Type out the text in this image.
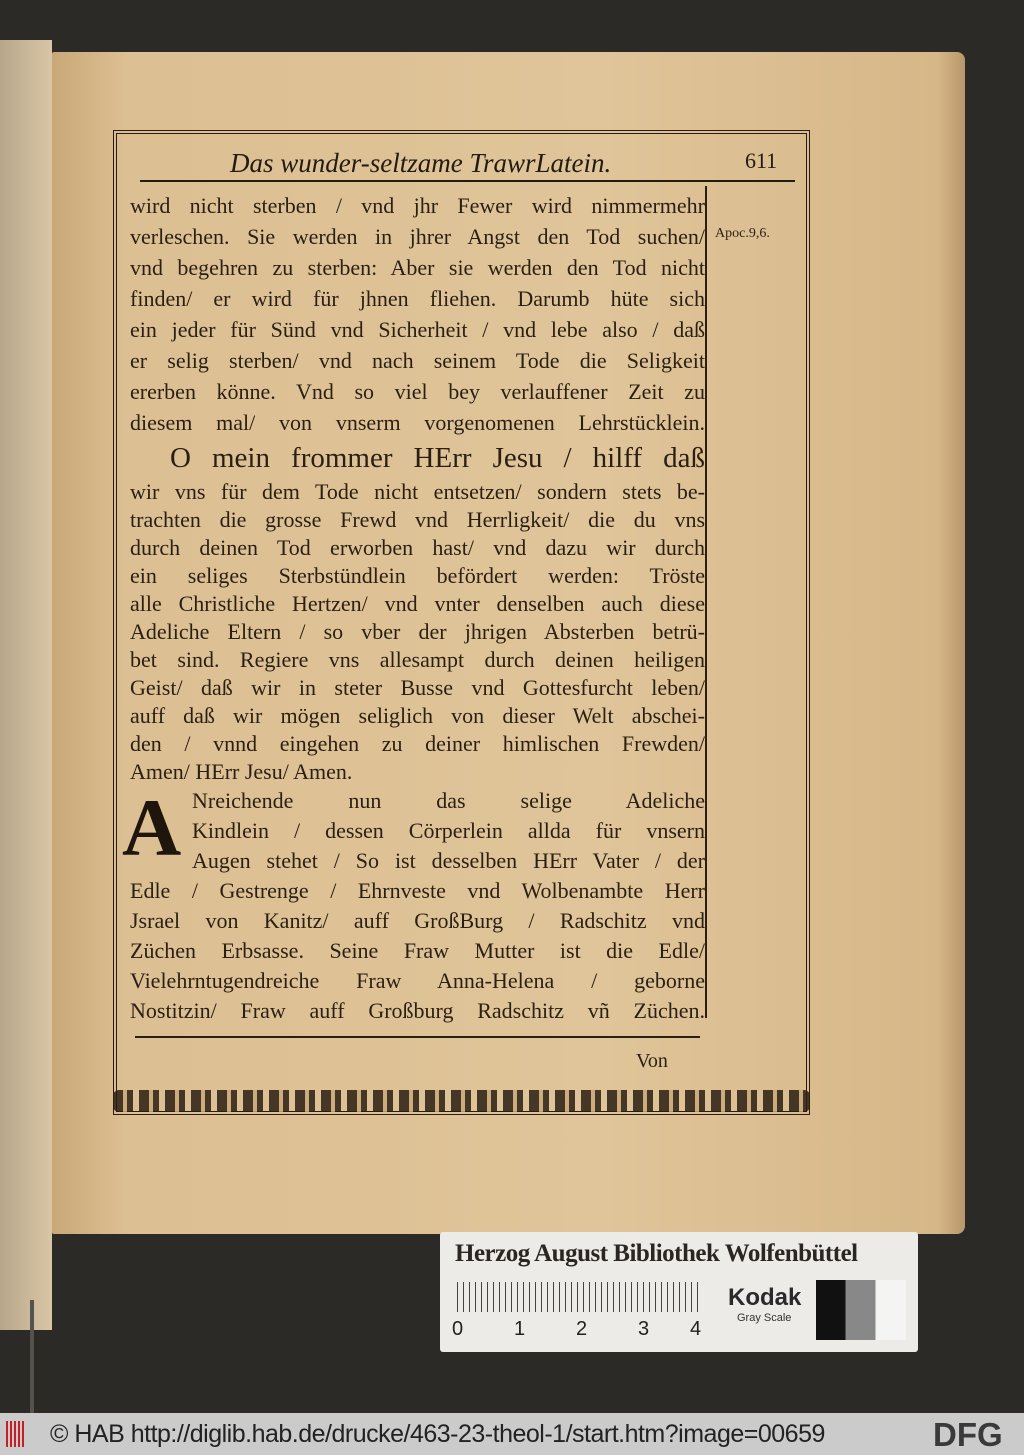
Das wunder-seltzame TrawrLatein.	611
Apoc.9,6.
wird nicht sterben / vnd jhr Fewer wird nimmermehr
verleschen. Sie werden in jhrer Angst den Tod suchen/
vnd begehren zu sterben: Aber sie werden den Tod nicht
finden/ er wird für jhnen fliehen. Darumb hüte sich
ein jeder für Sünd vnd Sicherheit / vnd lebe also / daß
er selig sterben/ vnd nach seinem Tode die Seligkeit
ererben könne. Vnd so viel bey verlauffener Zeit zu
diesem mal/ von vnserm vorgenomenen Lehrstücklein.
O mein frommer HErr Jesu / hilff daß
wir vns für dem Tode nicht entsetzen/ sondern stets be-
trachten die grosse Frewd vnd Herrligkeit/ die du vns
durch deinen Tod erworben hast/ vnd dazu wir durch
ein seliges Sterbstündlein befördert werden: Tröste
alle Christliche Hertzen/ vnd vnter denselben auch diese
Adeliche Eltern / so vber der jhrigen Absterben betrü-
bet sind. Regiere vns allesampt durch deinen heiligen
Geist/ daß wir in steter Busse vnd Gottesfurcht leben/
auff daß wir mögen seliglich von dieser Welt abschei-
den / vnnd eingehen zu deiner himlischen Frewden/
Amen/ HErr Jesu/ Amen.
A Nreichende nun das selige Adeliche
Kindlein / dessen Cörperlein allda für vnsern
Augen stehet / So ist desselben HErr Vater / der
Edle / Gestrenge / Ehrnveste vnd Wolbenambte Herr
Jsrael von Kanitz/ auff GroßBurg / Radschitz vnd
Züchen Erbsasse. Seine Fraw Mutter ist die Edle/
Vielehrntugendreiche Fraw Anna-Helena / geborne
Nostitzin/ Fraw auff Großburg Radschitz vñ Züchen.
Von
Herzog August Bibliothek Wolfenbüttel
0	1	2	3 4
Kodak
Gray Scale
© HAB http://diglib.hab.de/drucke/463-23-theol-1/start.htm?image=00659	DFG
